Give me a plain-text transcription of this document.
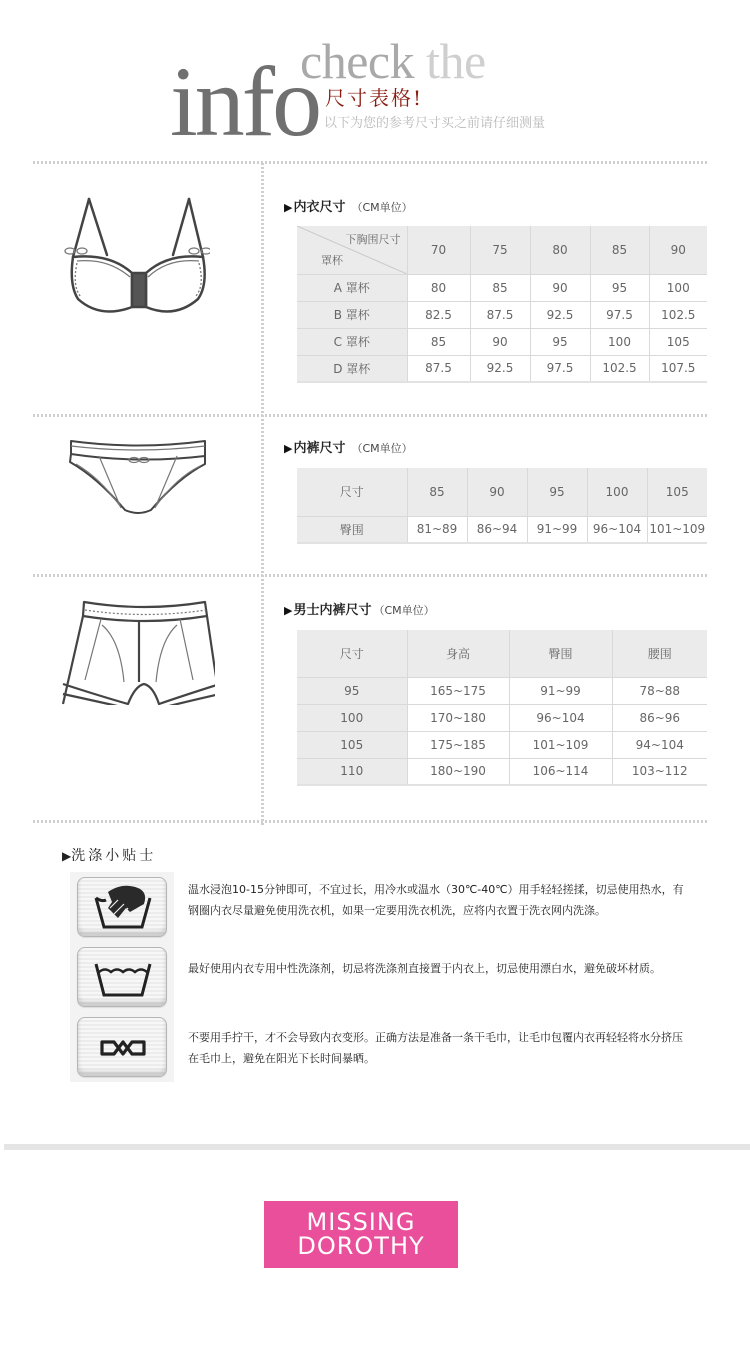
check the
info 尺寸表格!
以下为您的参考尺寸买之前请仔细测量
▶内衣尺寸 （CM单位）
下胸围尺寸
罩杯	70	75	80	85	90
A 罩杯	80	85	90	95	100
B 罩杯	82.5	87.5	92.5	97.5	102.5
C 罩杯	85	90	95	100	105
D 罩杯	87.5	92.5	97.5	102.5	107.5
▶内裤尺寸 （CM单位）
尺寸	85	90	95	100	105
臀围	81~89	86~94	91~99	96~104	101~109
▶男士内裤尺寸 （CM单位）
尺寸	身高	臀围	腰围
95	165~175	91~99	78~88
100	170~180	96~104	86~96
105	175~185	101~109	94~104
110	180~190	106~114	103~112
▶洗涤小贴士
温水浸泡10-15分钟即可，不宜过长，用冷水或温水（30℃-40℃）用手轻轻搓揉，切忌使用热水，有钢圈内衣尽量避免使用洗衣机，如果一定要用洗衣机洗，应将内衣置于洗衣网内洗涤。
最好使用内衣专用中性洗涤剂，切忌将洗涤剂直接置于内衣上，切忌使用漂白水，避免破坏材质。
不要用手拧干，才不会导致内衣变形。正确方法是准备一条干毛巾，让毛巾包覆内衣再轻轻将水分挤压在毛巾上，避免在阳光下长时间暴晒。
MISSING
DOROTHY
